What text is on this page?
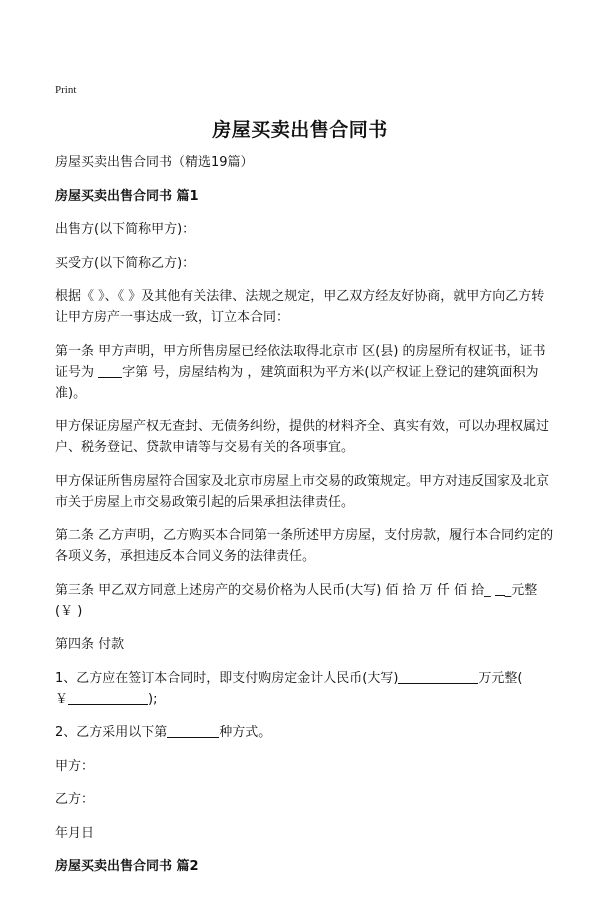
Print
房屋买卖出售合同书

房屋买卖出售合同书（精选19篇）

房屋买卖出售合同书 篇1

出售方(以下简称甲方)：

买受方(以下简称乙方)：

根据《 》、《 》及其他有关法律、法规之规定，甲乙双方经友好协商，就甲方向乙方转让甲方房产一事达成一致，订立本合同：

第一条 甲方声明，甲方所售房屋已经依法取得北京市 区(县) 的房屋所有权证书，证书证号为 字第 号，房屋结构为 ，建筑面积为平方米(以产权证上登记的建筑面积为准)。

甲方保证房屋产权无查封、无债务纠纷，提供的材料齐全、真实有效，可以办理权属过户、税务登记、贷款申请等与交易有关的各项事宜。

甲方保证所售房屋符合国家及北京市房屋上市交易的政策规定。甲方对违反国家及北京市关于房屋上市交易政策引起的后果承担法律责任。

第二条 乙方声明，乙方购买本合同第一条所述甲方房屋，支付房款，履行本合同约定的各项义务，承担违反本合同义务的法律责任。

第三条 甲乙双方同意上述房产的交易价格为人民币(大写) 佰 拾 万 仟 佰 拾_ _元整(￥ )

第四条 付款

1、乙方应在签订本合同时，即支付购房定金计人民币(大写)	万元整(
￥	);

2、乙方采用以下第	种方式。

甲方：

乙方：

年月日

房屋买卖出售合同书 篇2
